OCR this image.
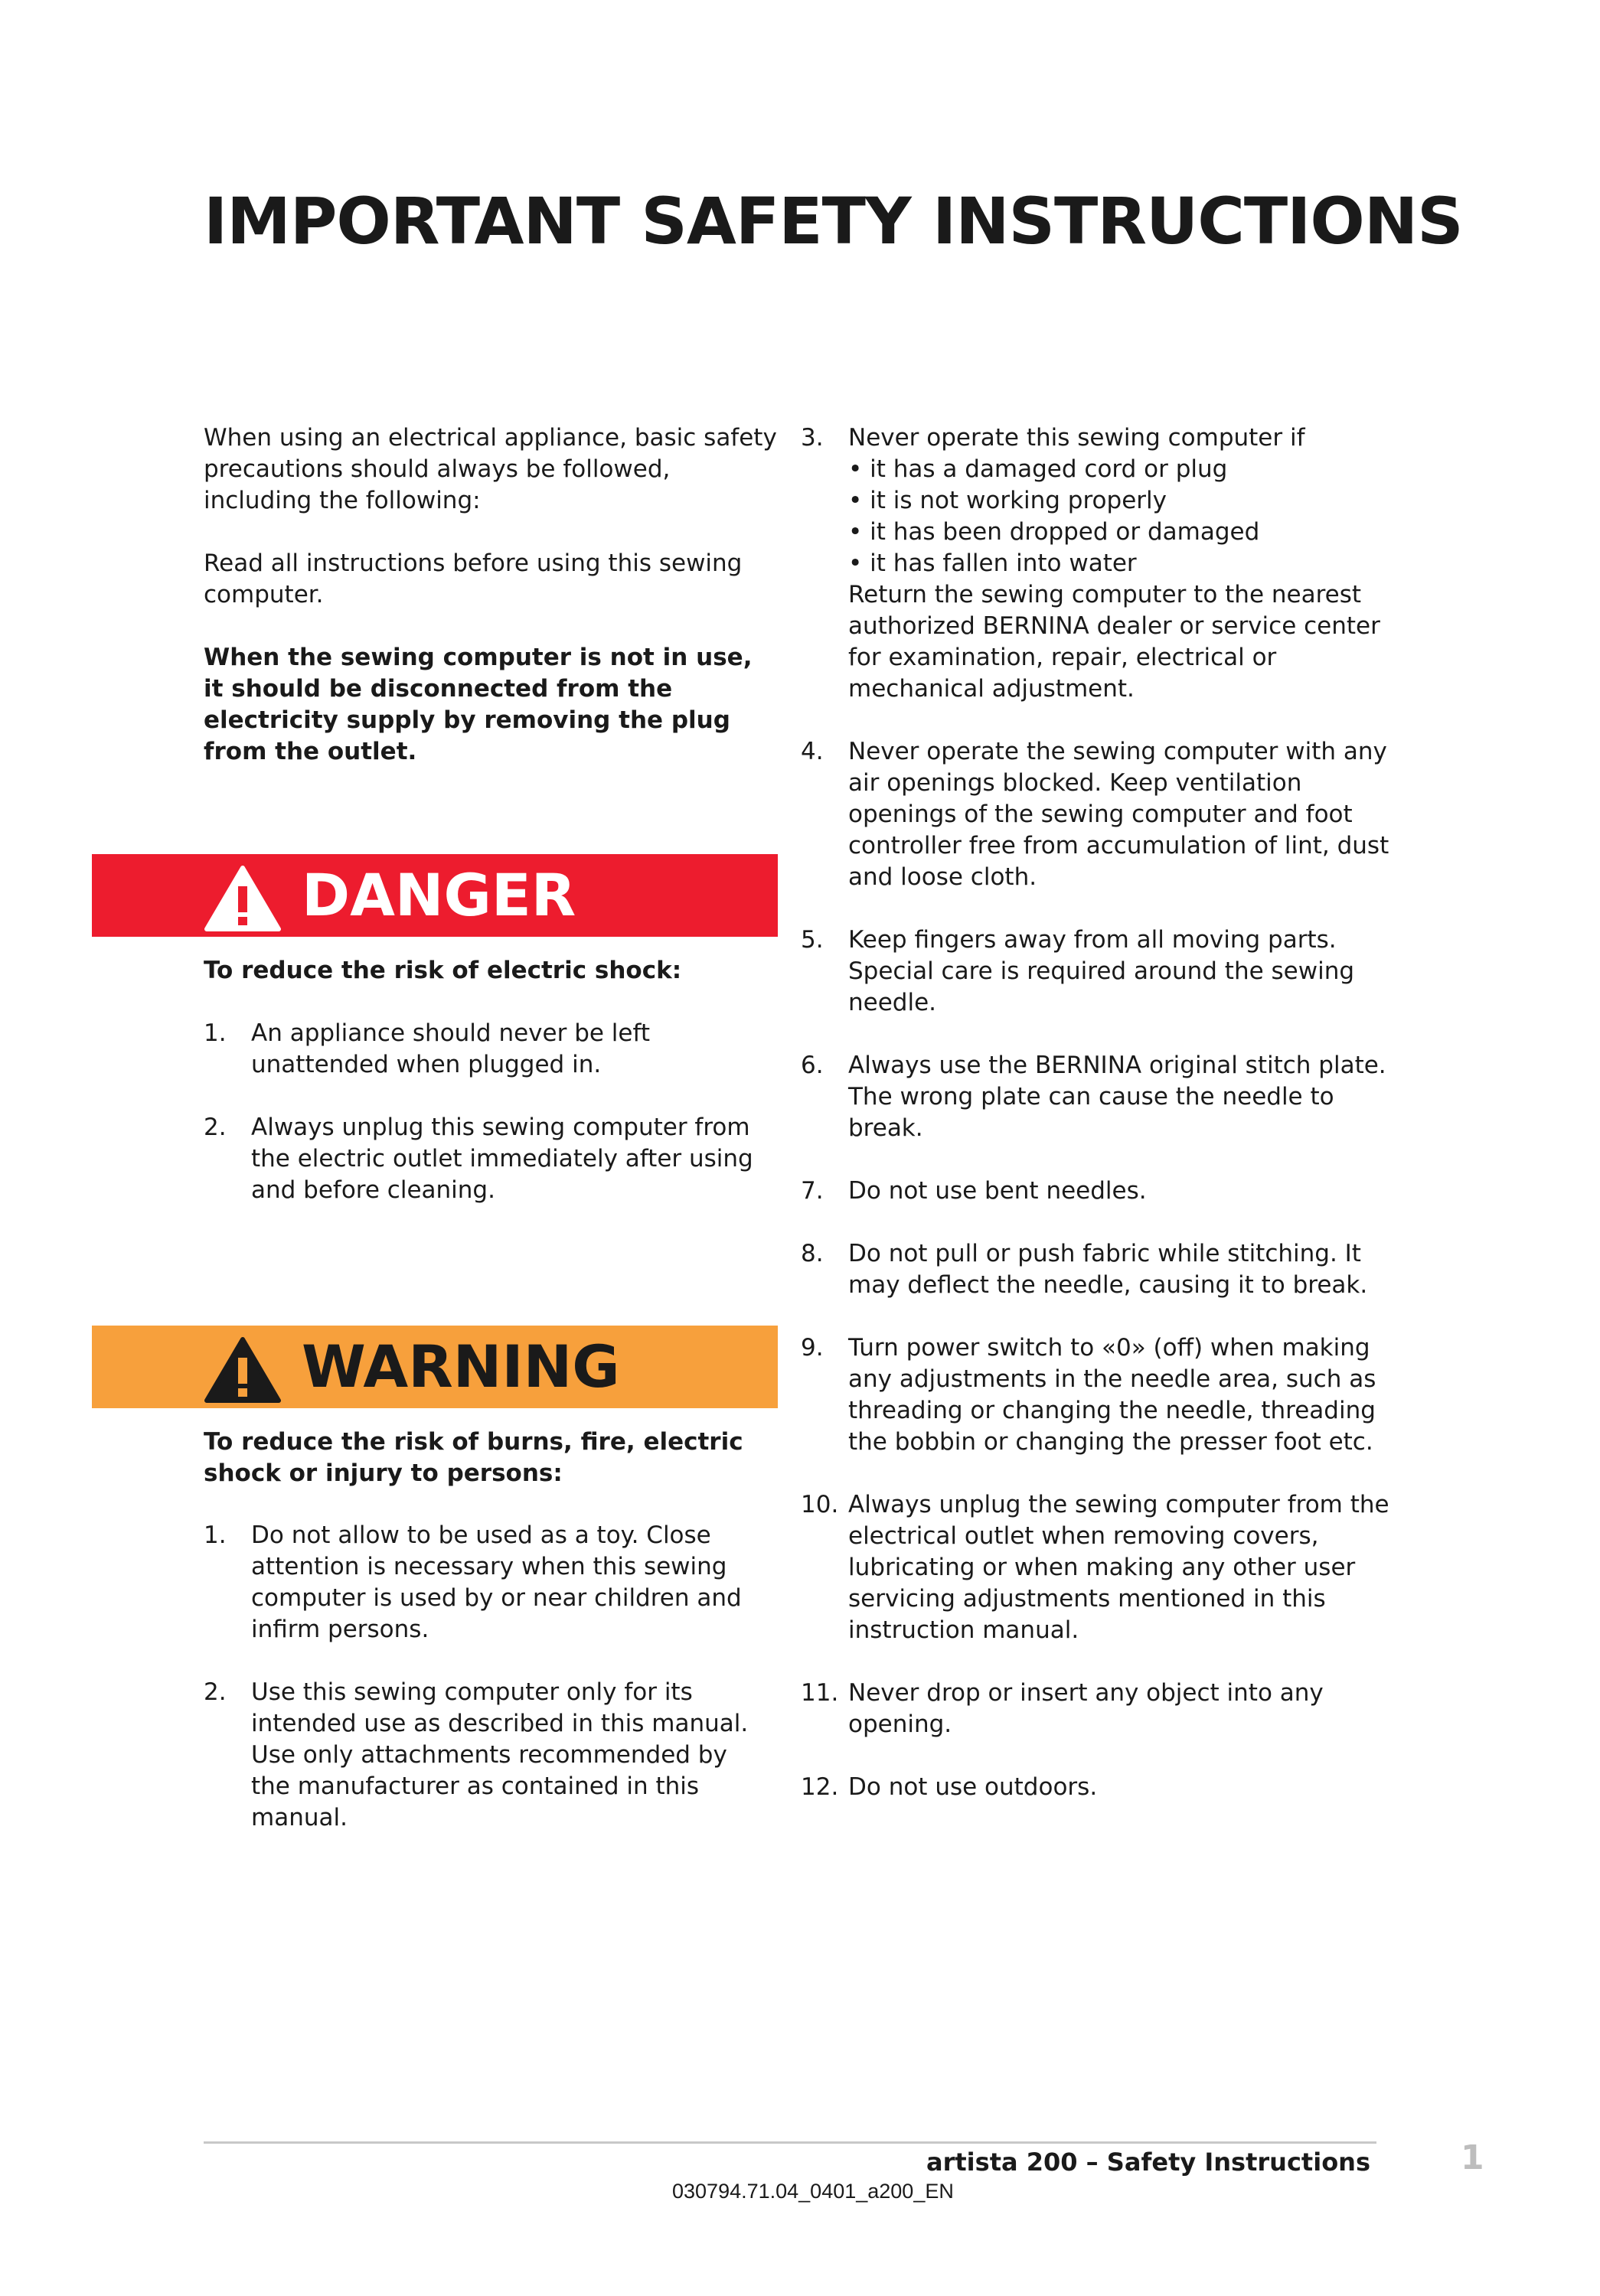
IMPORTANT SAFETY INSTRUCTIONS

When using an electrical appliance, basic safety precautions should always be followed, including the following:

Read all instructions before using this sewing computer.

When the sewing computer is not in use, it should be disconnected from the electricity supply by removing the plug from the outlet.

DANGER
To reduce the risk of electric shock:
1. An appliance should never be left unattended when plugged in.
2. Always unplug this sewing computer from the electric outlet immediately after using and before cleaning.
WARNING
To reduce the risk of burns, fire, electric shock or injury to persons:
1. Do not allow to be used as a toy. Close attention is necessary when this sewing computer is used by or near children and infirm persons.
2. Use this sewing computer only for its intended use as described in this manual. Use only attachments recommended by the manufacturer as contained in this manual.
3. Never operate this sewing computer if
• it has a damaged cord or plug
• it is not working properly
• it has been dropped or damaged
• it has fallen into water
Return the sewing computer to the nearest authorized BERNINA dealer or service center for examination, repair, electrical or mechanical adjustment.
4. Never operate the sewing computer with any air openings blocked. Keep ventilation openings of the sewing computer and foot controller free from accumulation of lint, dust and loose cloth.
5. Keep fingers away from all moving parts. Special care is required around the sewing needle.
6. Always use the BERNINA original stitch plate. The wrong plate can cause the needle to break.
7. Do not use bent needles.
8. Do not pull or push fabric while stitching. It may deflect the needle, causing it to break.
9. Turn power switch to «0» (off) when making any adjustments in the needle area, such as threading or changing the needle, threading the bobbin or changing the presser foot etc.
10. Always unplug the sewing computer from the electrical outlet when removing covers, lubricating or when making any other user servicing adjustments mentioned in this instruction manual.
11. Never drop or insert any object into any opening.
12. Do not use outdoors.
artista 200 – Safety Instructions	1
030794.71.04_0401_a200_EN
